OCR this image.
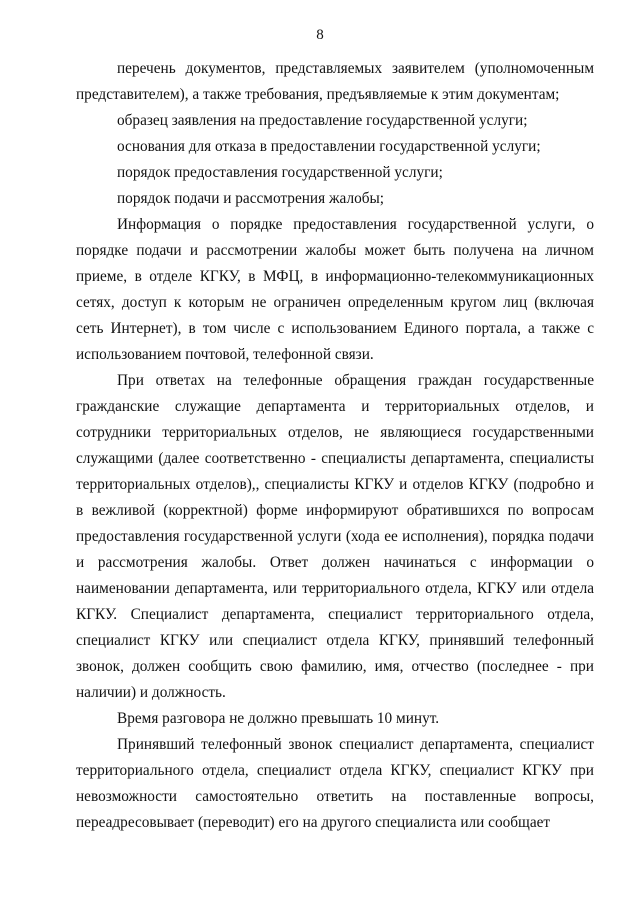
8

перечень документов, представляемых заявителем (уполномоченным представителем), а также требования, предъявляемые к этим документам;

образец заявления на предоставление государственной услуги;

основания для отказа в предоставлении государственной услуги;

порядок предоставления государственной услуги;

порядок подачи и рассмотрения жалобы;

Информация о порядке предоставления государственной услуги, о порядке подачи и рассмотрении жалобы может быть получена на личном приеме, в отделе КГКУ, в МФЦ, в информационно-телекоммуникационных сетях, доступ к которым не ограничен определенным кругом лиц (включая сеть Интернет), в том числе с использованием Единого портала, а также с использованием почтовой, телефонной связи.

При ответах на телефонные обращения граждан государственные гражданские служащие департамента и территориальных отделов, и сотрудники территориальных отделов, не являющиеся государственными служащими (далее соответственно - специалисты департамента, специалисты территориальных отделов),, специалисты КГКУ и отделов КГКУ (подробно и в вежливой (корректной) форме информируют обратившихся по вопросам предоставления государственной услуги (хода ее исполнения), порядка подачи и рассмотрения жалобы. Ответ должен начинаться с информации о наименовании департамента, или территориального отдела, КГКУ или отдела КГКУ. Специалист департамента, специалист территориального отдела, специалист КГКУ или специалист отдела КГКУ, принявший телефонный звонок, должен сообщить свою фамилию, имя, отчество (последнее - при наличии) и должность.

Время разговора не должно превышать 10 минут.

Принявший телефонный звонок специалист департамента, специалист территориального отдела, специалист отдела КГКУ, специалист КГКУ при невозможности самостоятельно ответить на поставленные вопросы, переадресовывает (переводит) его на другого специалиста или сообщает
